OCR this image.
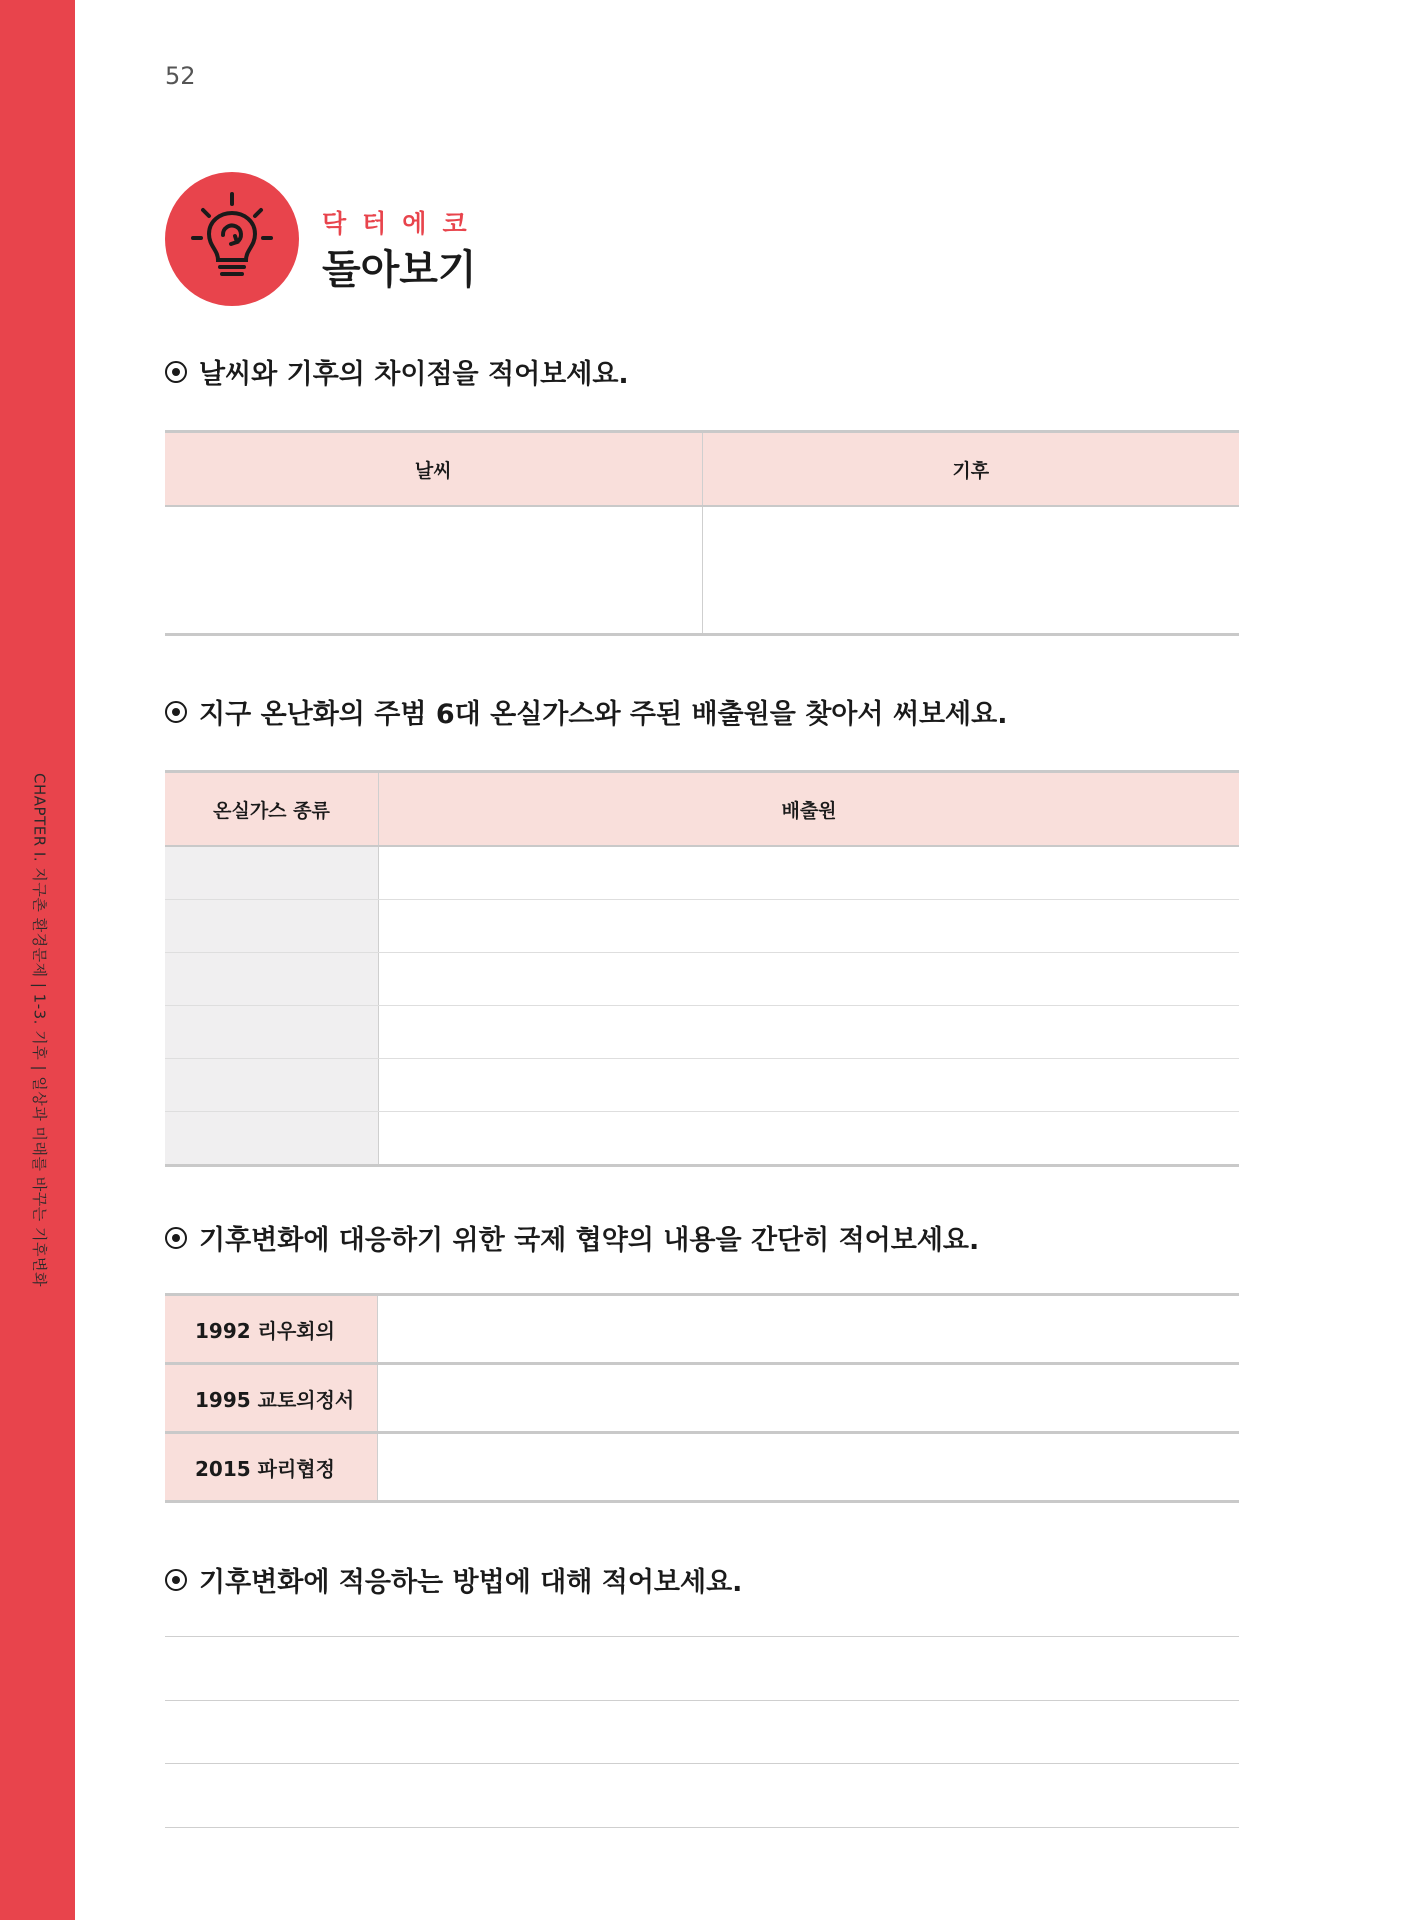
CHAPTER I. 지구촌 환경문제 | 1-3. 기후 | 일상과 미래를 바꾸는 기후변화
52
닥터에코
돌아보기
날씨와 기후의 차이점을 적어보세요.
날씨	기후
지구 온난화의 주범 6대 온실가스와 주된 배출원을 찾아서 써보세요.
온실가스 종류	배출원
기후변화에 대응하기 위한 국제 협약의 내용을 간단히 적어보세요.
1992 리우회의
1995 교토의정서
2015 파리협정
기후변화에 적응하는 방법에 대해 적어보세요.
